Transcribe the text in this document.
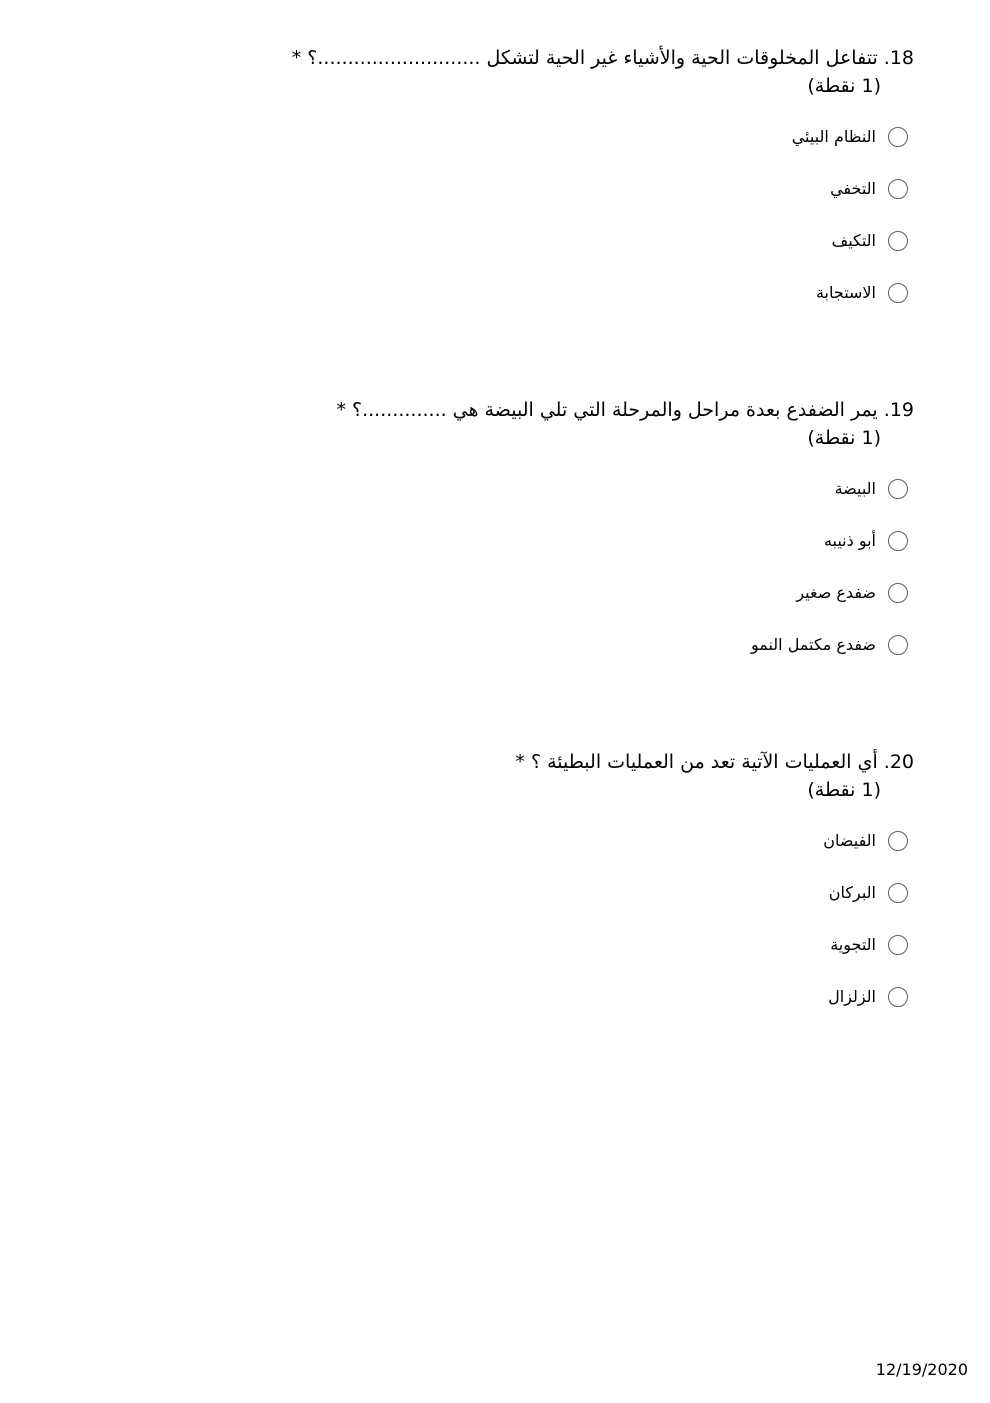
18. تتفاعل المخلوقات الحية والأشياء غير الحية لتشكل ...........................؟ *
(1 نقطة)
النظام البيئي
التخفي
التكيف
الاستجابة
19. يمر الضفدع بعدة مراحل والمرحلة التي تلي البيضة هي ..............؟ *
(1 نقطة)
البيضة
أبو ذنيبه
ضفدع صغير
ضفدع مكتمل النمو
20. أي العمليات الآتية تعد من العمليات البطيئة ؟ *
(1 نقطة)
الفيضان
البركان
التجوية
الزلزال
12/19/2020
